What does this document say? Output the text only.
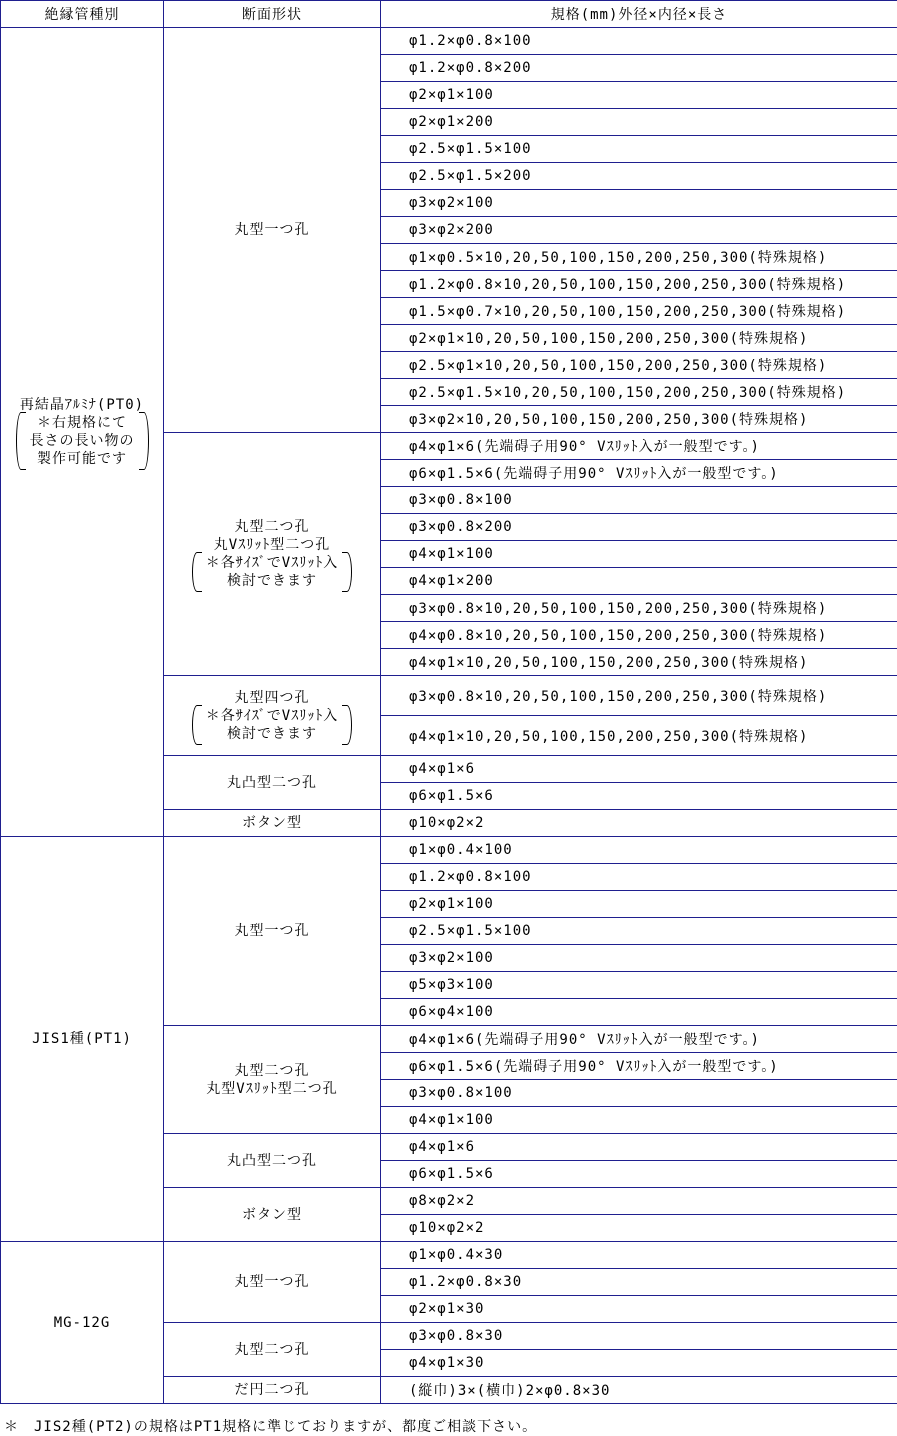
絶縁管種別	断面形状	規格(mm)外径×内径×長さ

再結晶ｱﾙﾐﾅ(PT0)
＊右規格にて
長さの長い物の
製作可能です	丸型一つ孔	φ1.2×φ0.8×100
		φ1.2×φ0.8×200
		φ2×φ1×100
		φ2×φ1×200
		φ2.5×φ1.5×100
		φ2.5×φ1.5×200
		φ3×φ2×100
		φ3×φ2×200
		φ1×φ0.5×10,20,50,100,150,200,250,300(特殊規格)
		φ1.2×φ0.8×10,20,50,100,150,200,250,300(特殊規格)
		φ1.5×φ0.7×10,20,50,100,150,200,250,300(特殊規格)
		φ2×φ1×10,20,50,100,150,200,250,300(特殊規格)
		φ2.5×φ1×10,20,50,100,150,200,250,300(特殊規格)
		φ2.5×φ1.5×10,20,50,100,150,200,250,300(特殊規格)
		φ3×φ2×10,20,50,100,150,200,250,300(特殊規格)

	丸型二つ孔
丸Vｽﾘｯﾄ型二つ孔
＊各ｻｲｽﾞでVｽﾘｯﾄ入
検討できます	φ4×φ1×6(先端碍子用90° Vｽﾘｯﾄ入が一般型です。)
		φ6×φ1.5×6(先端碍子用90° Vｽﾘｯﾄ入が一般型です。)
		φ3×φ0.8×100
		φ3×φ0.8×200
		φ4×φ1×100
		φ4×φ1×200
		φ3×φ0.8×10,20,50,100,150,200,250,300(特殊規格)
		φ4×φ0.8×10,20,50,100,150,200,250,300(特殊規格)
		φ4×φ1×10,20,50,100,150,200,250,300(特殊規格)

	丸型四つ孔
＊各ｻｲｽﾞでVｽﾘｯﾄ入
検討できます	φ3×φ0.8×10,20,50,100,150,200,250,300(特殊規格)
		φ4×φ1×10,20,50,100,150,200,250,300(特殊規格)

	丸凸型二つ孔	φ4×φ1×6
		φ6×φ1.5×6

	ボタン型	φ10×φ2×2

JIS1種(PT1)	丸型一つ孔	φ1×φ0.4×100
		φ1.2×φ0.8×100
		φ2×φ1×100
		φ2.5×φ1.5×100
		φ3×φ2×100
		φ5×φ3×100
		φ6×φ4×100

	丸型二つ孔
丸型Vｽﾘｯﾄ型二つ孔	φ4×φ1×6(先端碍子用90° Vｽﾘｯﾄ入が一般型です。)
		φ6×φ1.5×6(先端碍子用90° Vｽﾘｯﾄ入が一般型です。)
		φ3×φ0.8×100
		φ4×φ1×100

	丸凸型二つ孔	φ4×φ1×6
		φ6×φ1.5×6

	ボタン型	φ8×φ2×2
		φ10×φ2×2

MG-12G	丸型一つ孔	φ1×φ0.4×30
		φ1.2×φ0.8×30
		φ2×φ1×30

	丸型二つ孔	φ3×φ0.8×30
		φ4×φ1×30

	だ円二つ孔	(縦巾)3×(横巾)2×φ0.8×30
＊　JIS2種(PT2)の規格はPT1規格に準じておりますが、都度ご相談下さい。
